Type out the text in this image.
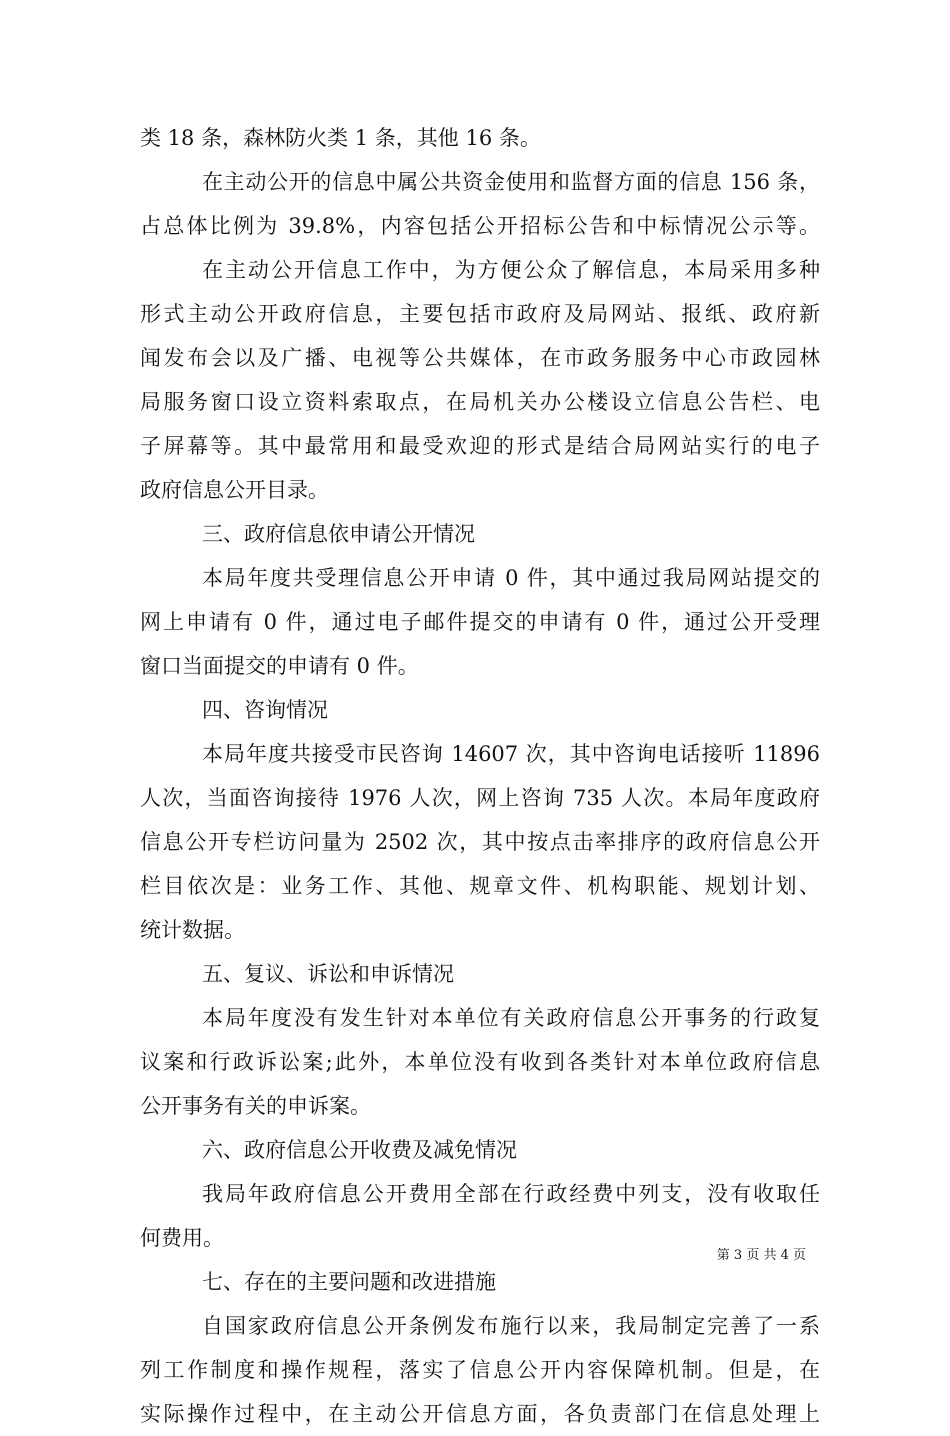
类 18 条，森林防火类 1 条，其他 16 条。
在主动公开的信息中属公共资金使用和监督方面的信息 156 条，
占总体比例为 39.8%，内容包括公开招标公告和中标情况公示等。
在主动公开信息工作中，为方便公众了解信息，本局采用多种
形式主动公开政府信息，主要包括市政府及局网站、报纸、政府新
闻发布会以及广播、电视等公共媒体，在市政务服务中心市政园林
局服务窗口设立资料索取点，在局机关办公楼设立信息公告栏、电
子屏幕等。其中最常用和最受欢迎的形式是结合局网站实行的电子
政府信息公开目录。
三、政府信息依申请公开情况
本局年度共受理信息公开申请 0 件，其中通过我局网站提交的
网上申请有 0 件，通过电子邮件提交的申请有 0 件，通过公开受理
窗口当面提交的申请有 0 件。
四、咨询情况
本局年度共接受市民咨询 14607 次，其中咨询电话接听 11896
人次，当面咨询接待 1976 人次，网上咨询 735 人次。本局年度政府
信息公开专栏访问量为 2502 次，其中按点击率排序的政府信息公开
栏目依次是：业务工作、其他、规章文件、机构职能、规划计划、
统计数据。
五、复议、诉讼和申诉情况
本局年度没有发生针对本单位有关政府信息公开事务的行政复
议案和行政诉讼案;此外，本单位没有收到各类针对本单位政府信息
公开事务有关的申诉案。
六、政府信息公开收费及减免情况
我局年政府信息公开费用全部在行政经费中列支，没有收取任
何费用。
七、存在的主要问题和改进措施
自国家政府信息公开条例发布施行以来，我局制定完善了一系
列工作制度和操作规程，落实了信息公开内容保障机制。但是，在
实际操作过程中，在主动公开信息方面，各负责部门在信息处理上
第 3 页 共 4 页
